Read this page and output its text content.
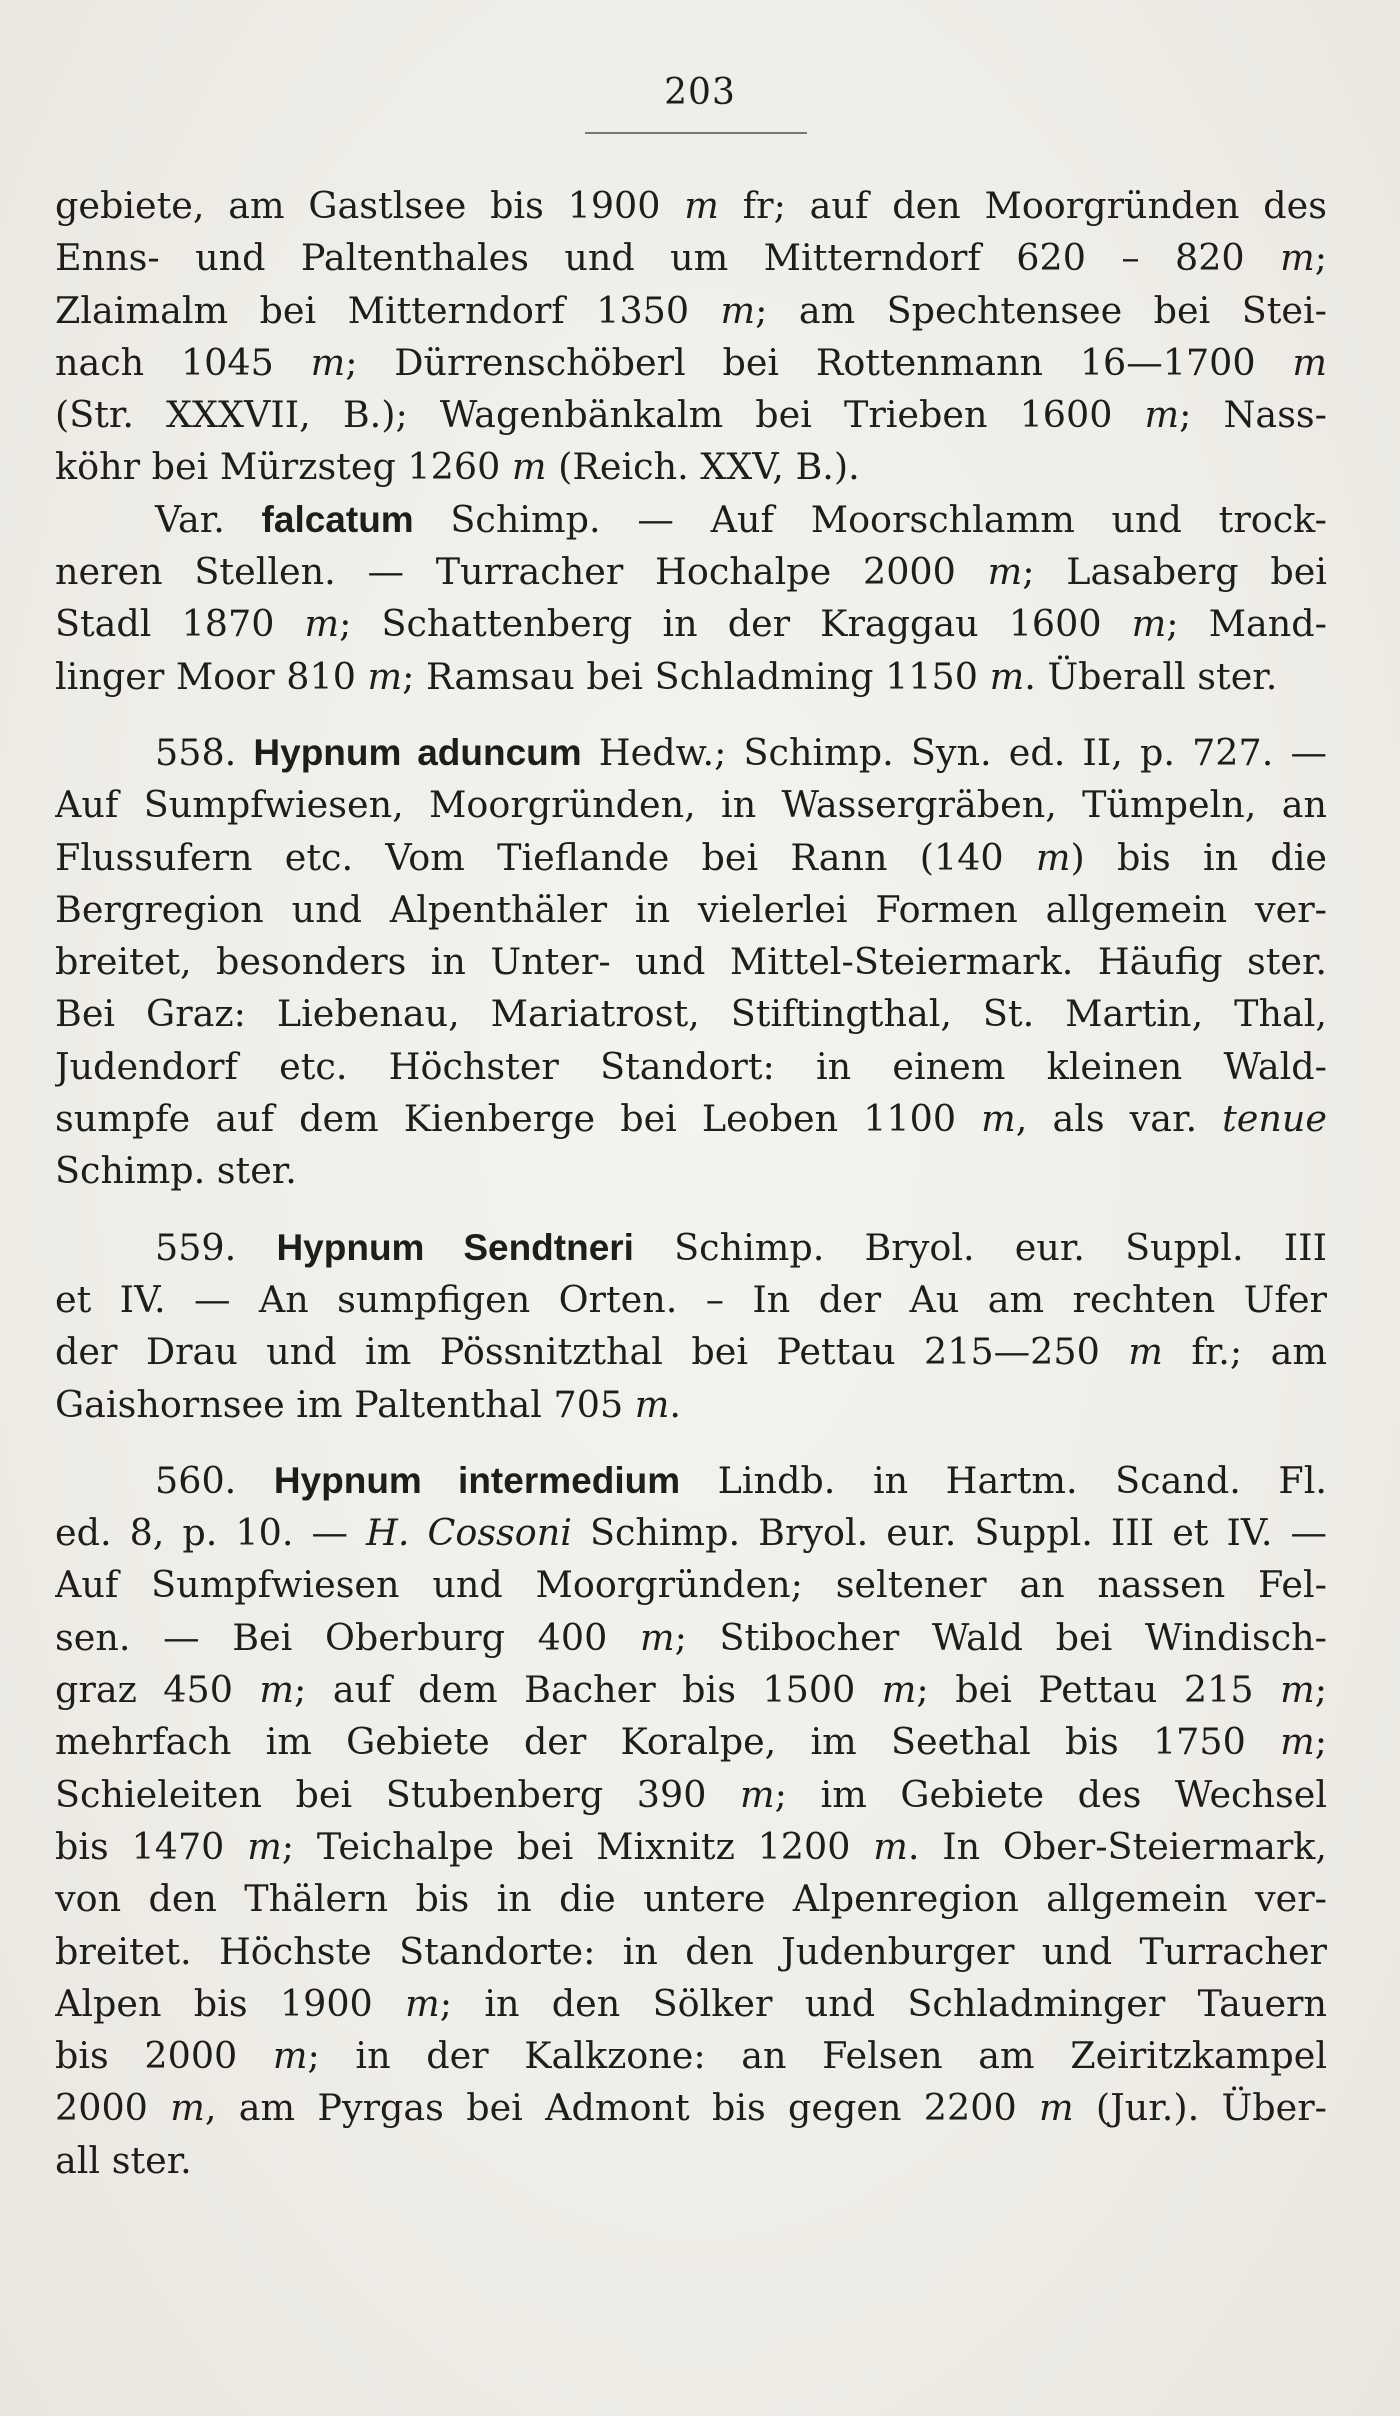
203
gebiete, am Gastlsee bis 1900 m fr; auf den Moorgründen des
Enns- und Paltenthales und um Mitterndorf 620 – 820 m;
Zlaimalm bei Mitterndorf 1350 m; am Spechtensee bei Stei-
nach 1045 m; Dürrenschöberl bei Rottenmann 16—1700 m
(Str. XXXVII, B.); Wagenbänkalm bei Trieben 1600 m; Nass-
köhr bei Mürzsteg 1260 m (Reich. XXV, B.).
Var. falcatum Schimp. — Auf Moorschlamm und trock-
neren Stellen. — Turracher Hochalpe 2000 m; Lasaberg bei
Stadl 1870 m; Schattenberg in der Kraggau 1600 m; Mand-
linger Moor 810 m; Ramsau bei Schladming 1150 m. Überall ster.
558. Hypnum aduncum Hedw.; Schimp. Syn. ed. II, p. 727. —
Auf Sumpfwiesen, Moorgründen, in Wassergräben, Tümpeln, an
Flussufern etc. Vom Tieflande bei Rann (140 m) bis in die
Bergregion und Alpenthäler in vielerlei Formen allgemein ver-
breitet, besonders in Unter- und Mittel-Steiermark. Häufig ster.
Bei Graz: Liebenau, Mariatrost, Stiftingthal, St. Martin, Thal,
Judendorf etc. Höchster Standort: in einem kleinen Wald-
sumpfe auf dem Kienberge bei Leoben 1100 m, als var. tenue
Schimp. ster.
559. Hypnum Sendtneri Schimp. Bryol. eur. Suppl. III
et IV. — An sumpfigen Orten. – In der Au am rechten Ufer
der Drau und im Pössnitzthal bei Pettau 215—250 m fr.; am
Gaishornsee im Paltenthal 705 m.
560. Hypnum intermedium Lindb. in Hartm. Scand. Fl.
ed. 8, p. 10. — H. Cossoni Schimp. Bryol. eur. Suppl. III et IV. —
Auf Sumpfwiesen und Moorgründen; seltener an nassen Fel-
sen. — Bei Oberburg 400 m; Stibocher Wald bei Windisch-
graz 450 m; auf dem Bacher bis 1500 m; bei Pettau 215 m;
mehrfach im Gebiete der Koralpe, im Seethal bis 1750 m;
Schieleiten bei Stubenberg 390 m; im Gebiete des Wechsel
bis 1470 m; Teichalpe bei Mixnitz 1200 m. In Ober-Steiermark,
von den Thälern bis in die untere Alpenregion allgemein ver-
breitet. Höchste Standorte: in den Judenburger und Turracher
Alpen bis 1900 m; in den Sölker und Schladminger Tauern
bis 2000 m; in der Kalkzone: an Felsen am Zeiritzkampel
2000 m, am Pyrgas bei Admont bis gegen 2200 m (Jur.). Über-
all ster.
